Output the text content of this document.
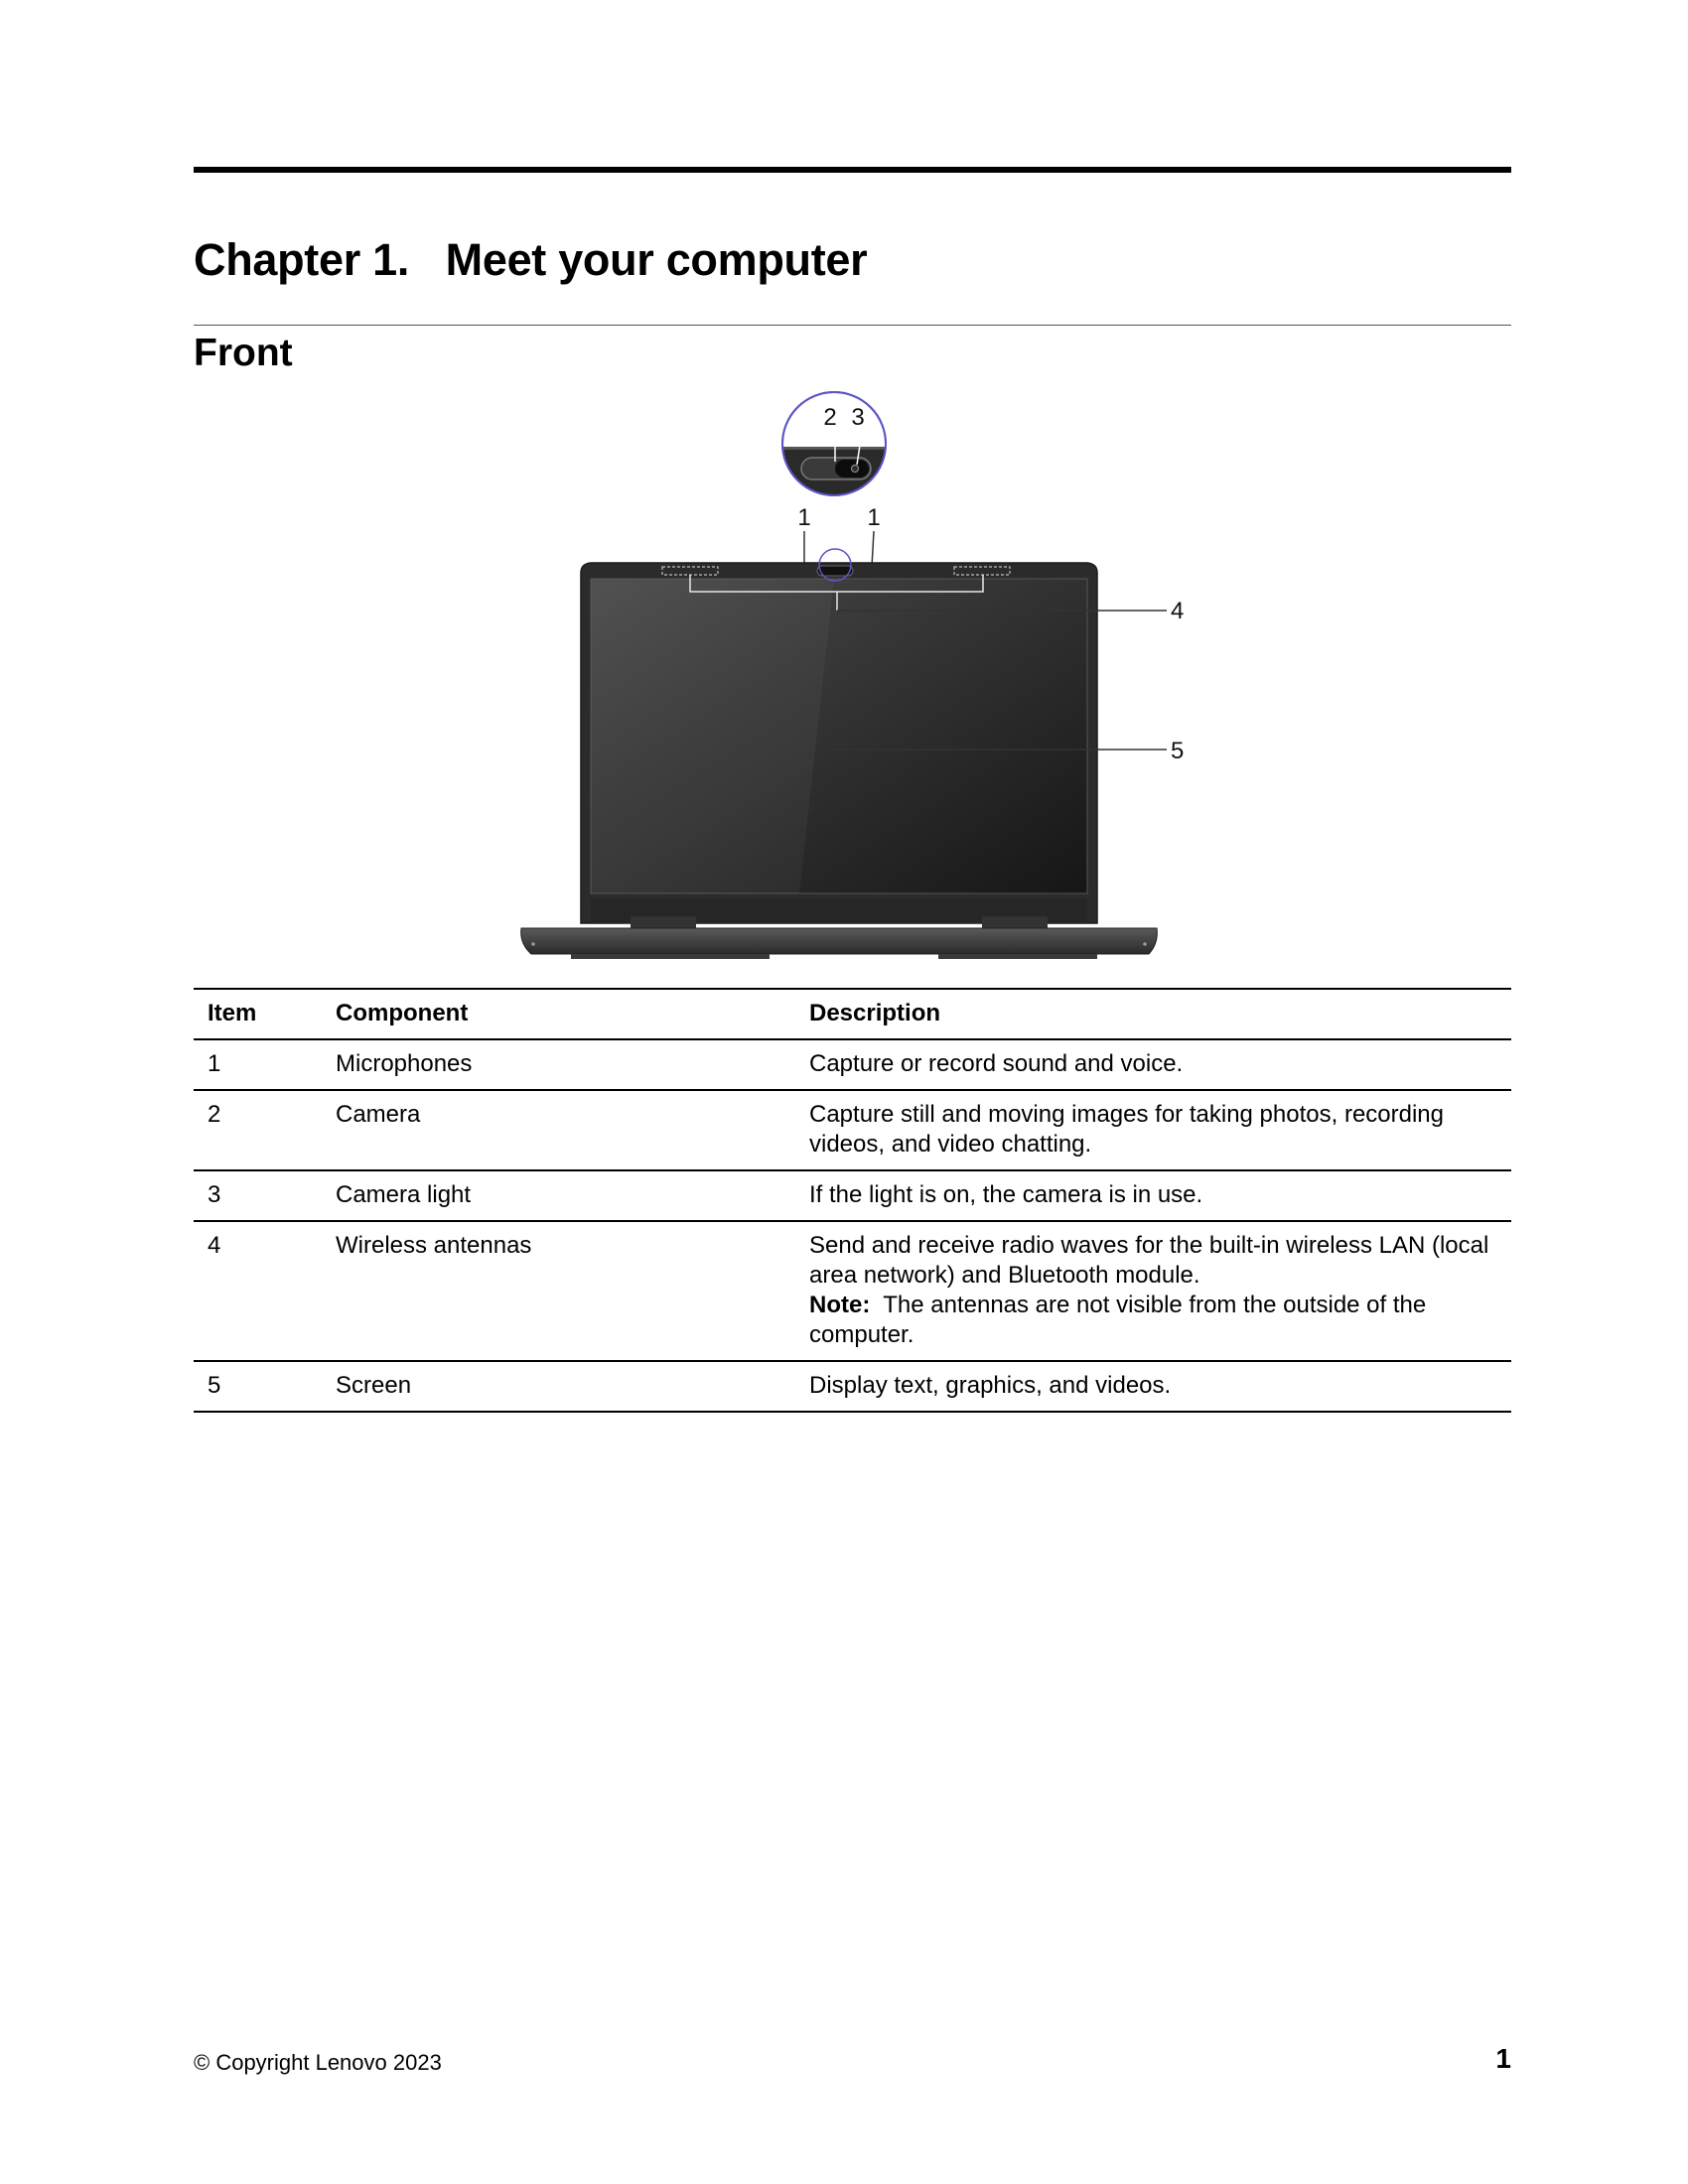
Chapter 1.   Meet your computer
Front
2 3
1 1
4
5
Item	Component	Description
1	Microphones	Capture or record sound and voice.
2	Camera	Capture still and moving images for taking photos, recording videos, and video chatting.
3	Camera light	If the light is on, the camera is in use.
4	Wireless antennas	Send and receive radio waves for the built-in wireless LAN (local area network) and Bluetooth module.
Note: The antennas are not visible from the outside of the computer.

5	Screen	Display text, graphics, and videos.
© Copyright Lenovo 2023	1
